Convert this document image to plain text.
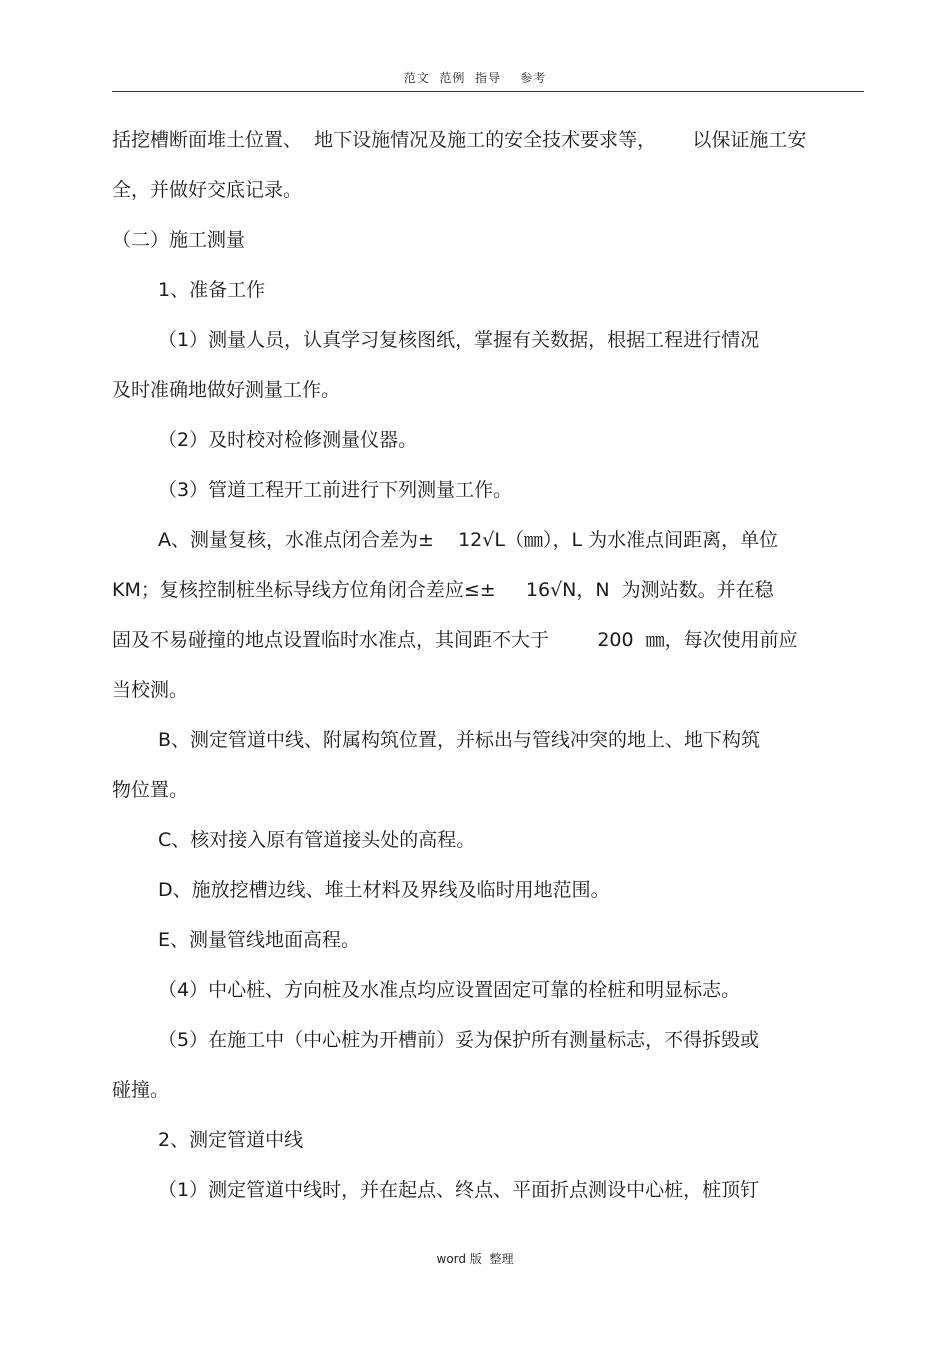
范文  范例  指导    参考
括挖槽断面堆土位置、  地下设施情况及施工的安全技术要求等，      以保证施工安
全，并做好交底记录。
（二）施工测量
1、准备工作
（1）测量人员，认真学习复核图纸，掌握有关数据，根据工程进行情况
及时准确地做好测量工作。
（2）及时校对检修测量仪器。
（3）管道工程开工前进行下列测量工作。
A、测量复核，水准点闭合差为±    12√L（㎜），L 为水准点间距离，单位
KM；复核控制桩坐标导线方位角闭合差应≤±     16√N，N  为测站数。并在稳
固及不易碰撞的地点设置临时水准点，其间距不大于        200  ㎜，每次使用前应
当校测。
B、测定管道中线、附属构筑位置，并标出与管线冲突的地上、地下构筑
物位置。
C、核对接入原有管道接头处的高程。
D、施放挖槽边线、堆土材料及界线及临时用地范围。
E、测量管线地面高程。
（4）中心桩、方向桩及水准点均应设置固定可靠的栓桩和明显标志。
（5）在施工中（中心桩为开槽前）妥为保护所有测量标志，不得拆毁或
碰撞。
2、测定管道中线
（1）测定管道中线时，并在起点、终点、平面折点测设中心桩，桩顶钉
word 版  整理
